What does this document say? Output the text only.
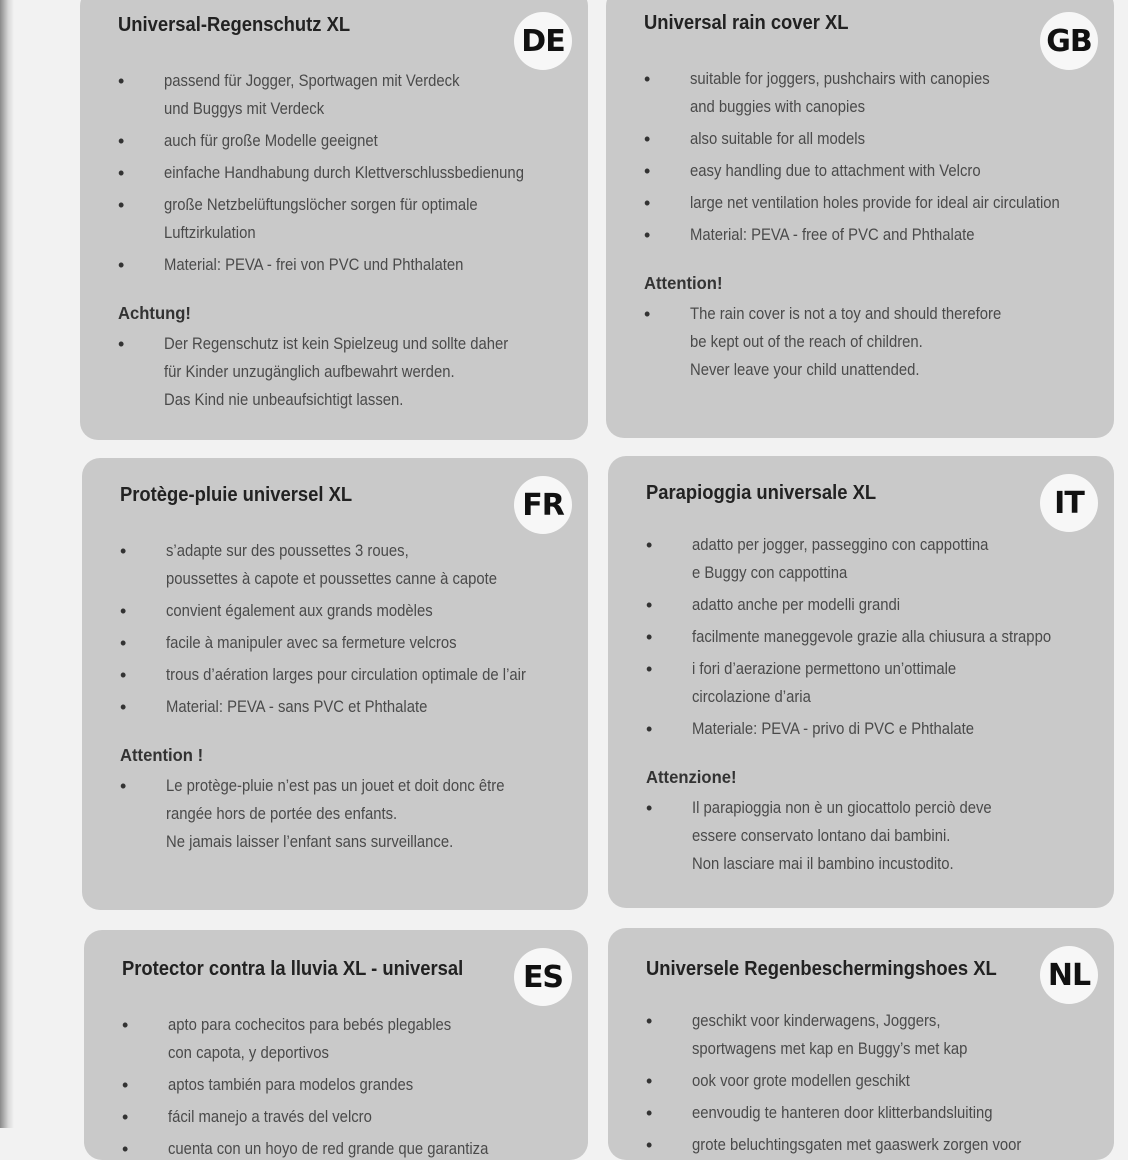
DE
Universal-Regenschutz XL
• passend für Jogger, Sportwagen mit Verdeck
und Buggys mit Verdeck
• auch für große Modelle geeignet
• einfache Handhabung durch Klettverschlussbedienung
• große Netzbelüftungslöcher sorgen für optimale
Luftzirkulation
• Material: PEVA - frei von PVC und Phthalaten
Achtung!
• Der Regenschutz ist kein Spielzeug und sollte daher
für Kinder unzugänglich aufbewahrt werden.
Das Kind nie unbeaufsichtigt lassen.
GB
Universal rain cover XL
• suitable for joggers, pushchairs with canopies
and buggies with canopies
• also suitable for all models
• easy handling due to attachment with Velcro
• large net ventilation holes provide for ideal air circulation
• Material: PEVA - free of PVC and Phthalate
Attention!
• The rain cover is not a toy and should therefore
be kept out of the reach of children.
Never leave your child unattended.
FR
Protège-pluie universel XL
• s’adapte sur des poussettes 3 roues,
poussettes à capote et poussettes canne à capote
• convient également aux grands modèles
• facile à manipuler avec sa fermeture velcros
• trous d’aération larges pour circulation optimale de l’air
• Material: PEVA - sans PVC et Phthalate
Attention !
• Le protège-pluie n’est pas un jouet et doit donc être
rangée hors de portée des enfants.
Ne jamais laisser l’enfant sans surveillance.
IT
Parapioggia universale XL
• adatto per jogger, passeggino con cappottina
e Buggy con cappottina
• adatto anche per modelli grandi
• facilmente maneggevole grazie alla chiusura a strappo
• i fori d’aerazione permettono un’ottimale
circolazione d’aria
• Materiale: PEVA - privo di PVC e Phthalate
Attenzione!
• Il parapioggia non è un giocattolo perciò deve
essere conservato lontano dai bambini.
Non lasciare mai il bambino incustodito.
ES
Protector contra la lluvia XL - universal
• apto para cochecitos para bebés plegables
con capota, y deportivos
• aptos también para modelos grandes
• fácil manejo a través del velcro
• cuenta con un hoyo de red grande que garantiza
NL
Universele Regenbeschermingshoes XL
• geschikt voor kinderwagens, Joggers,
sportwagens met kap en Buggy’s met kap
• ook voor grote modellen geschikt
• eenvoudig te hanteren door klitterbandsluiting
• grote beluchtingsgaten met gaaswerk zorgen voor
